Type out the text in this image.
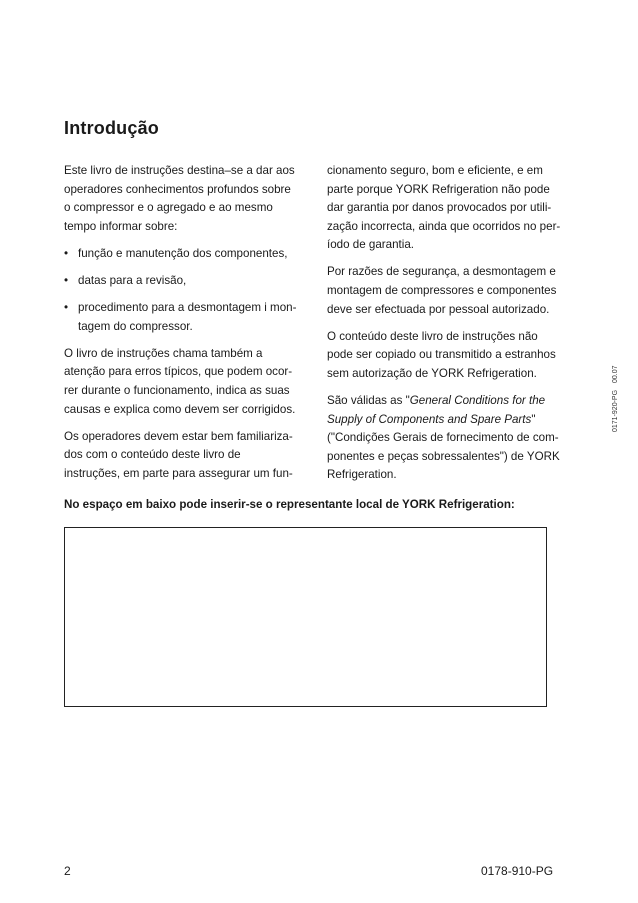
Introdução

Este livro de instruções destina–se a dar aos
operadores conhecimentos profundos sobre
o compressor e o agregado e ao mesmo
tempo informar sobre:

• função e manutenção dos componentes,

• datas para a revisão,

• procedimento para a desmontagem i mon-
tagem do compressor.

O livro de instruções chama também a
atenção para erros típicos, que podem ocor-
rer durante o funcionamento, indica as suas
causas e explica como devem ser corrigidos.

Os operadores devem estar bem familiariza-
dos com o conteúdo deste livro de
instruções, em parte para assegurar um fun-

cionamento seguro, bom e eficiente, e em
parte porque YORK Refrigeration não pode
dar garantia por danos provocados por utili-
zação incorrecta, ainda que ocorridos no per-
íodo de garantia.

Por razões de segurança, a desmontagem e
montagem de compressores e componentes
deve ser efectuada por pessoal autorizado.

O conteúdo deste livro de instruções não
pode ser copiado ou transmitido a estranhos
sem autorização de YORK Refrigeration.

São válidas as "General Conditions for the
Supply of Components and Spare Parts"
("Condições Gerais de fornecimento de com-
ponentes e peças sobressalentes") de YORK
Refrigeration.

00.07
0171-920-PG

No espaço em baixo pode inserir-se o representante local de YORK Refrigeration:

2	0178-910-PG
